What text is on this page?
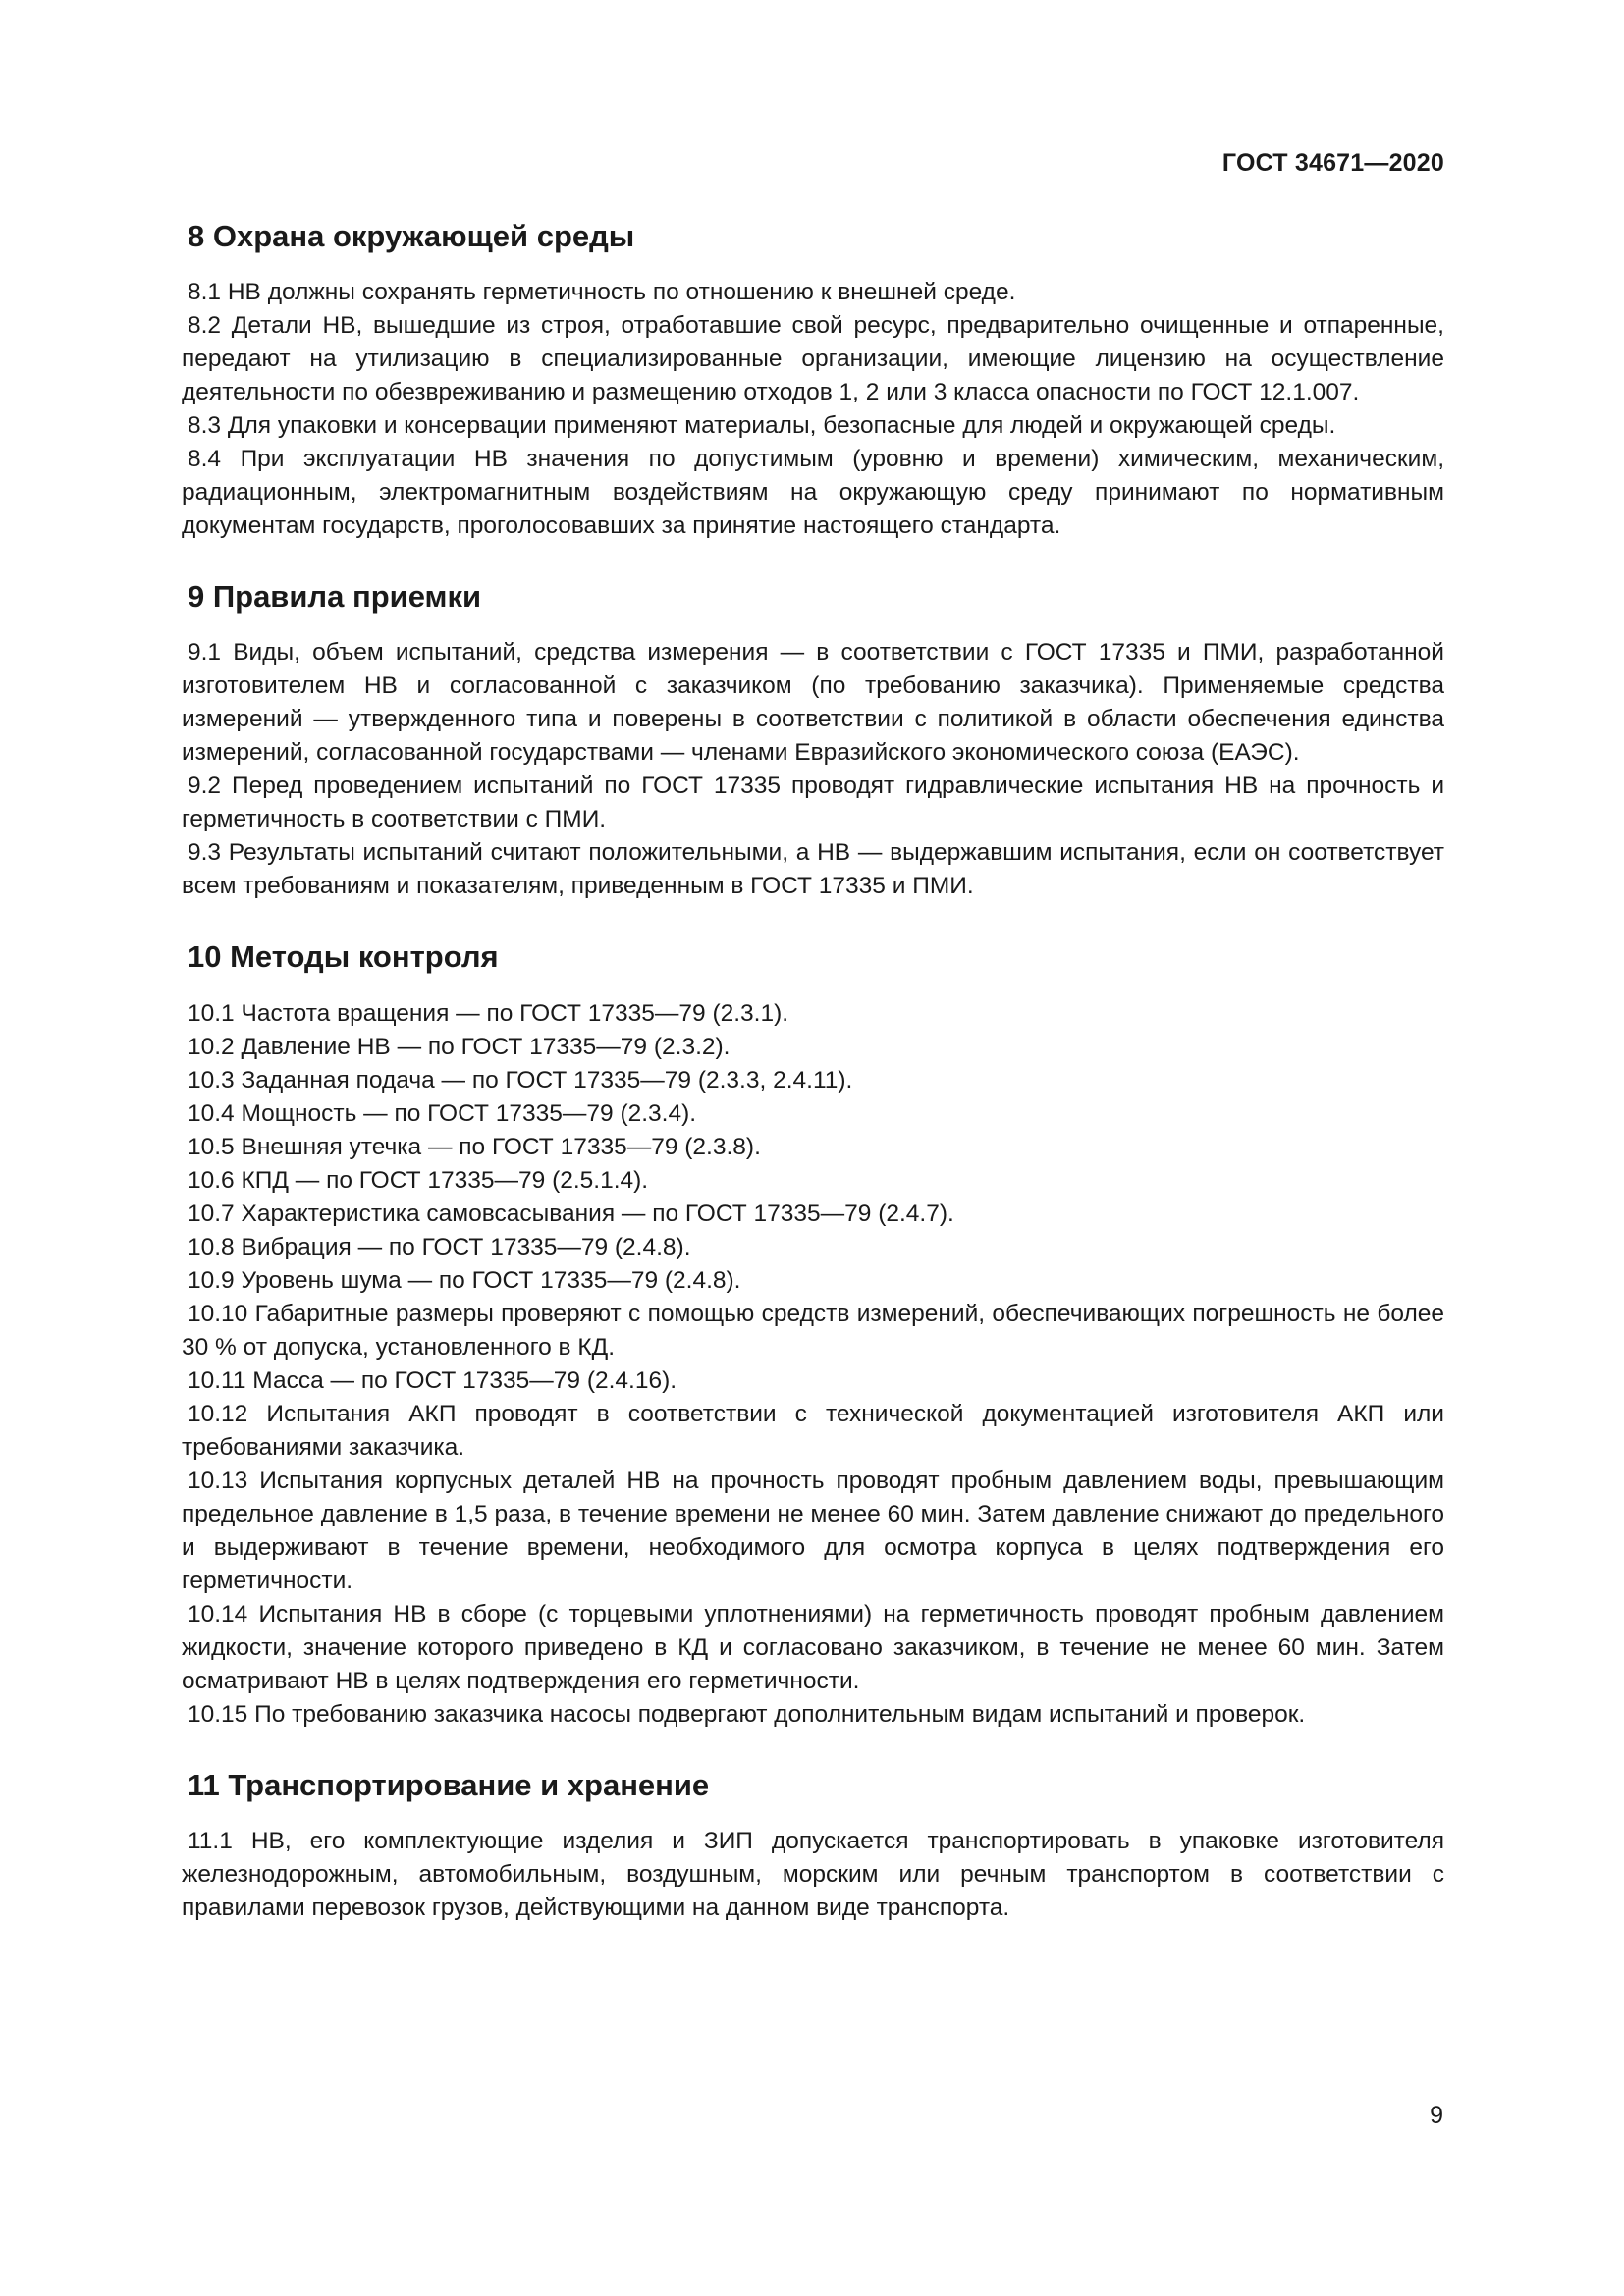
ГОСТ 34671—2020
8 Охрана окружающей среды

8.1 НВ должны сохранять герметичность по отношению к внешней среде.

8.2 Детали НВ, вышедшие из строя, отработавшие свой ресурс, предварительно очищенные и отпаренные, передают на утилизацию в специализированные организации, имеющие лицензию на осуществление деятельности по обезвреживанию и размещению отходов 1, 2 или 3 класса опасности по ГОСТ 12.1.007.

8.3 Для упаковки и консервации применяют материалы, безопасные для людей и окружающей среды.

8.4 При эксплуатации НВ значения по допустимым (уровню и времени) химическим, механическим, радиационным, электромагнитным воздействиям на окружающую среду принимают по нормативным документам государств, проголосовавших за принятие настоящего стандарта.

9 Правила приемки

9.1 Виды, объем испытаний, средства измерения — в соответствии с ГОСТ 17335 и ПМИ, разработанной изготовителем НВ и согласованной с заказчиком (по требованию заказчика). Применяемые средства измерений — утвержденного типа и поверены в соответствии с политикой в области обеспечения единства измерений, согласованной государствами — членами Евразийского экономического союза (ЕАЭС).

9.2 Перед проведением испытаний по ГОСТ 17335 проводят гидравлические испытания НВ на прочность и герметичность в соответствии с ПМИ.

9.3 Результаты испытаний считают положительными, а НВ — выдержавшим испытания, если он соответствует всем требованиям и показателям, приведенным в ГОСТ 17335 и ПМИ.

10 Методы контроля

10.1 Частота вращения — по ГОСТ 17335—79 (2.3.1).

10.2 Давление НВ — по ГОСТ 17335—79 (2.3.2).

10.3 Заданная подача — по ГОСТ 17335—79 (2.3.3, 2.4.11).

10.4 Мощность — по ГОСТ 17335—79 (2.3.4).

10.5 Внешняя утечка — по ГОСТ 17335—79 (2.3.8).

10.6 КПД — по ГОСТ 17335—79 (2.5.1.4).

10.7 Характеристика самовсасывания — по ГОСТ 17335—79 (2.4.7).

10.8 Вибрация — по ГОСТ 17335—79 (2.4.8).

10.9 Уровень шума — по ГОСТ 17335—79 (2.4.8).

10.10 Габаритные размеры проверяют с помощью средств измерений, обеспечивающих погрешность не более 30 % от допуска, установленного в КД.

10.11 Масса — по ГОСТ 17335—79 (2.4.16).

10.12 Испытания АКП проводят в соответствии с технической документацией изготовителя АКП или требованиями заказчика.

10.13 Испытания корпусных деталей НВ на прочность проводят пробным давлением воды, превышающим предельное давление в 1,5 раза, в течение времени не менее 60 мин. Затем давление снижают до предельного и выдерживают в течение времени, необходимого для осмотра корпуса в целях подтверждения его герметичности.

10.14 Испытания НВ в сборе (с торцевыми уплотнениями) на герметичность проводят пробным давлением жидкости, значение которого приведено в КД и согласовано заказчиком, в течение не менее 60 мин. Затем осматривают НВ в целях подтверждения его герметичности.

10.15 По требованию заказчика насосы подвергают дополнительным видам испытаний и проверок.

11 Транспортирование и хранение

11.1 НВ, его комплектующие изделия и ЗИП допускается транспортировать в упаковке изготовителя железнодорожным, автомобильным, воздушным, морским или речным транспортом в соответствии с правилами перевозок грузов, действующими на данном виде транспорта.

9
